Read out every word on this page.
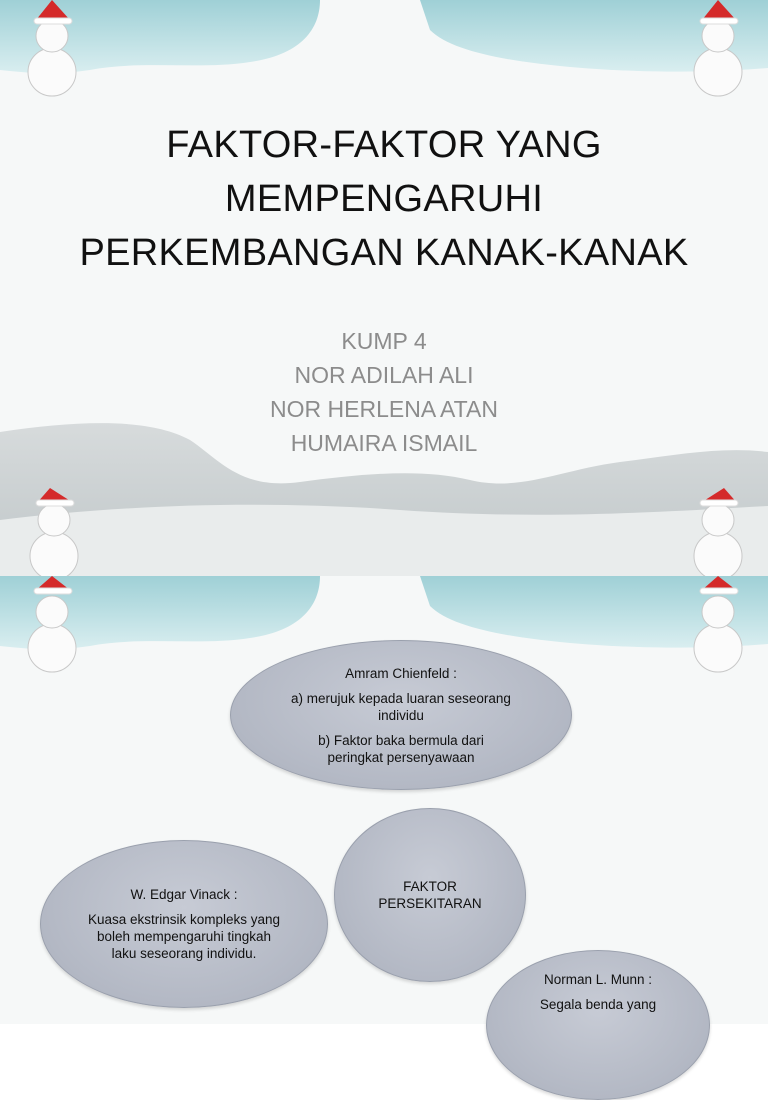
FAKTOR-FAKTOR YANG
MEMPENGARUHI
PERKEMBANGAN KANAK-KANAK
KUMP 4
NOR ADILAH ALI
NOR HERLENA ATAN
HUMAIRA ISMAIL

Amram Chienfeld :

a) merujuk kepada luaran seseorang individu

b) Faktor baka bermula dari peringkat persenyawaan

FAKTOR
PERSEKITARAN

W. Edgar Vinack :

Kuasa ekstrinsik kompleks yang boleh mempengaruhi tingkah laku seseorang individu.

Norman L. Munn :

Segala benda yang
